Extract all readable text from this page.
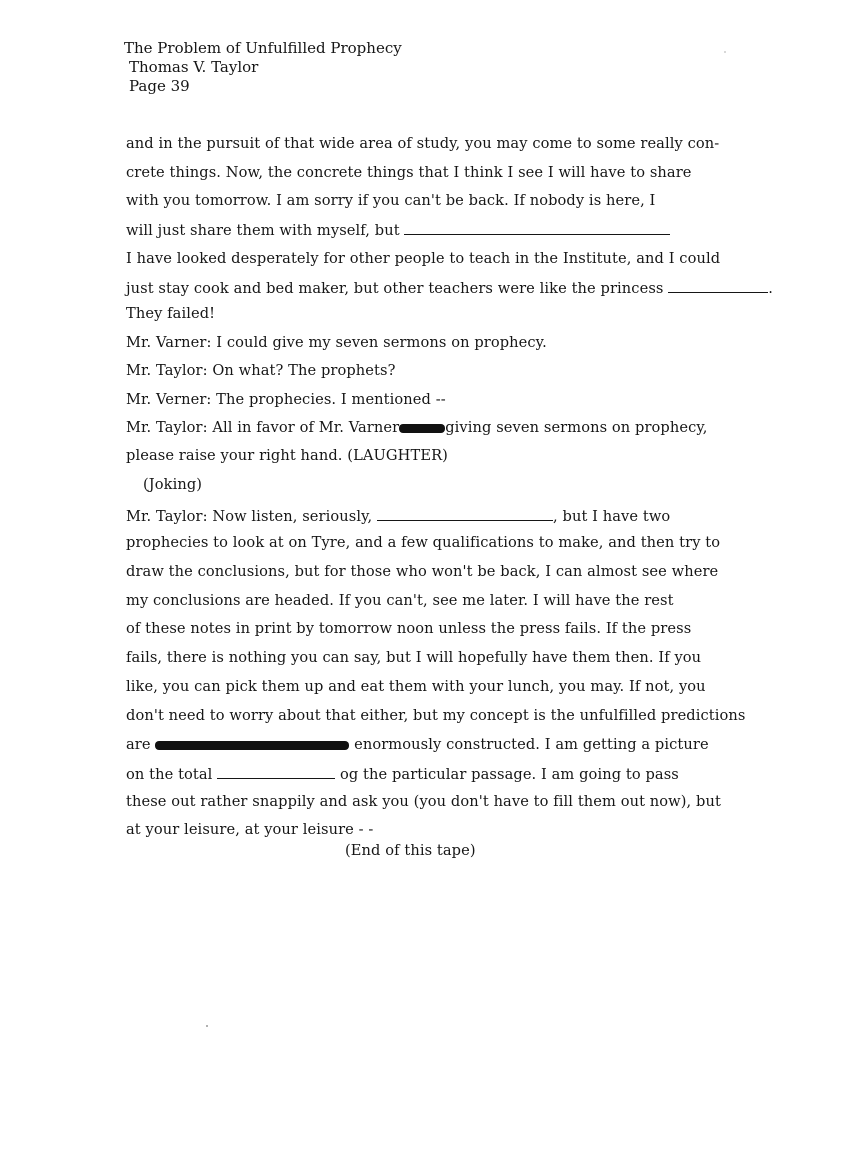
The Problem of Unfulfilled Prophecy
Thomas V. Taylor
Page 39
and in the pursuit of that wide area of study, you may come to some really con-
crete things. Now, the concrete things that I think I see I will have to share
with you tomorrow. I am sorry if you can't be back. If nobody is here, I
will just share them with myself, but
I have looked desperately for other people to teach in the Institute, and I could
just stay cook and bed maker, but other teachers were like the princess	.
They failed!
Mr. Varner: I could give my seven sermons on prophecy.
Mr. Taylor: On what? The prophets?
Mr. Verner: The prophecies. I mentioned --
Mr. Taylor: All in favor of Mr. Varner	giving seven sermons on prophecy,
please raise your right hand. (LAUGHTER)
(Joking)
Mr. Taylor: Now listen, seriously,	, but I have two
prophecies to look at on Tyre, and a few qualifications to make, and then try to
draw the conclusions, but for those who won't be back, I can almost see where
my conclusions are headed. If you can't, see me later. I will have the rest
of these notes in print by tomorrow noon unless the press fails. If the press
fails, there is nothing you can say, but I will hopefully have them then. If you
like, you can pick them up and eat them with your lunch, you may. If not, you
don't need to worry about that either, but my concept is the unfulfilled predictions
are	enormously constructed. I am getting a picture
on the total	og the particular passage. I am going to pass
these out rather snappily and ask you (you don't have to fill them out now), but
at your leisure, at your leisure - -
(End of this tape)
